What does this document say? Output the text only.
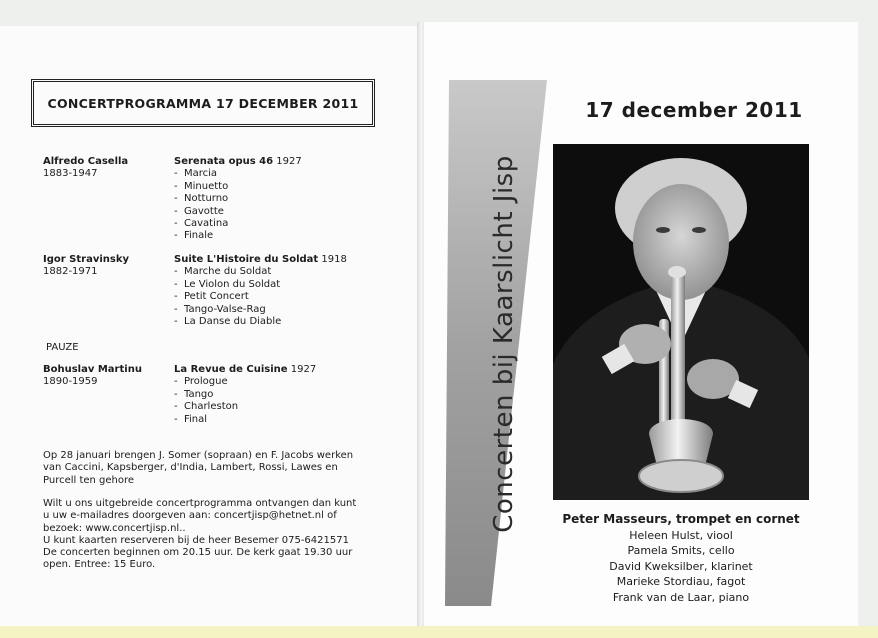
CONCERTPROGRAMMA 17 DECEMBER 2011
Alfredo Casella
1883-1947
Serenata opus 46 1927
- Marcia
- Minuetto
- Notturno
- Gavotte
- Cavatina
- Finale
Igor Stravinsky
1882-1971
Suite L'Histoire du Soldat 1918
- Marche du Soldat
- Le Violon du Soldat
- Petit Concert
- Tango-Valse-Rag
- La Danse du Diable
PAUZE
Bohuslav Martinu
1890-1959
La Revue de Cuisine 1927
- Prologue
- Tango
- Charleston
- Final

Op 28 januari brengen J. Somer (sopraan) en F. Jacobs werken
van Caccini, Kapsberger, d'India, Lambert, Rossi, Lawes en
Purcell ten gehore

Wilt u ons uitgebreide concertprogramma ontvangen dan kunt
u uw e-mailadres doorgeven aan: concertjisp@hetnet.nl of
bezoek: www.concertjisp.nl..
U kunt kaarten reserveren bij de heer Besemer 075-6421571
De concerten beginnen om 20.15 uur. De kerk gaat 19.30 uur
open. Entree: 15 Euro.

Concerten bij Kaarslicht Jisp
17 december 2011
Peter Masseurs, trompet en cornet
Heleen Hulst, viool
Pamela Smits, cello
David Kweksilber, klarinet
Marieke Stordiau, fagot
Frank van de Laar, piano
